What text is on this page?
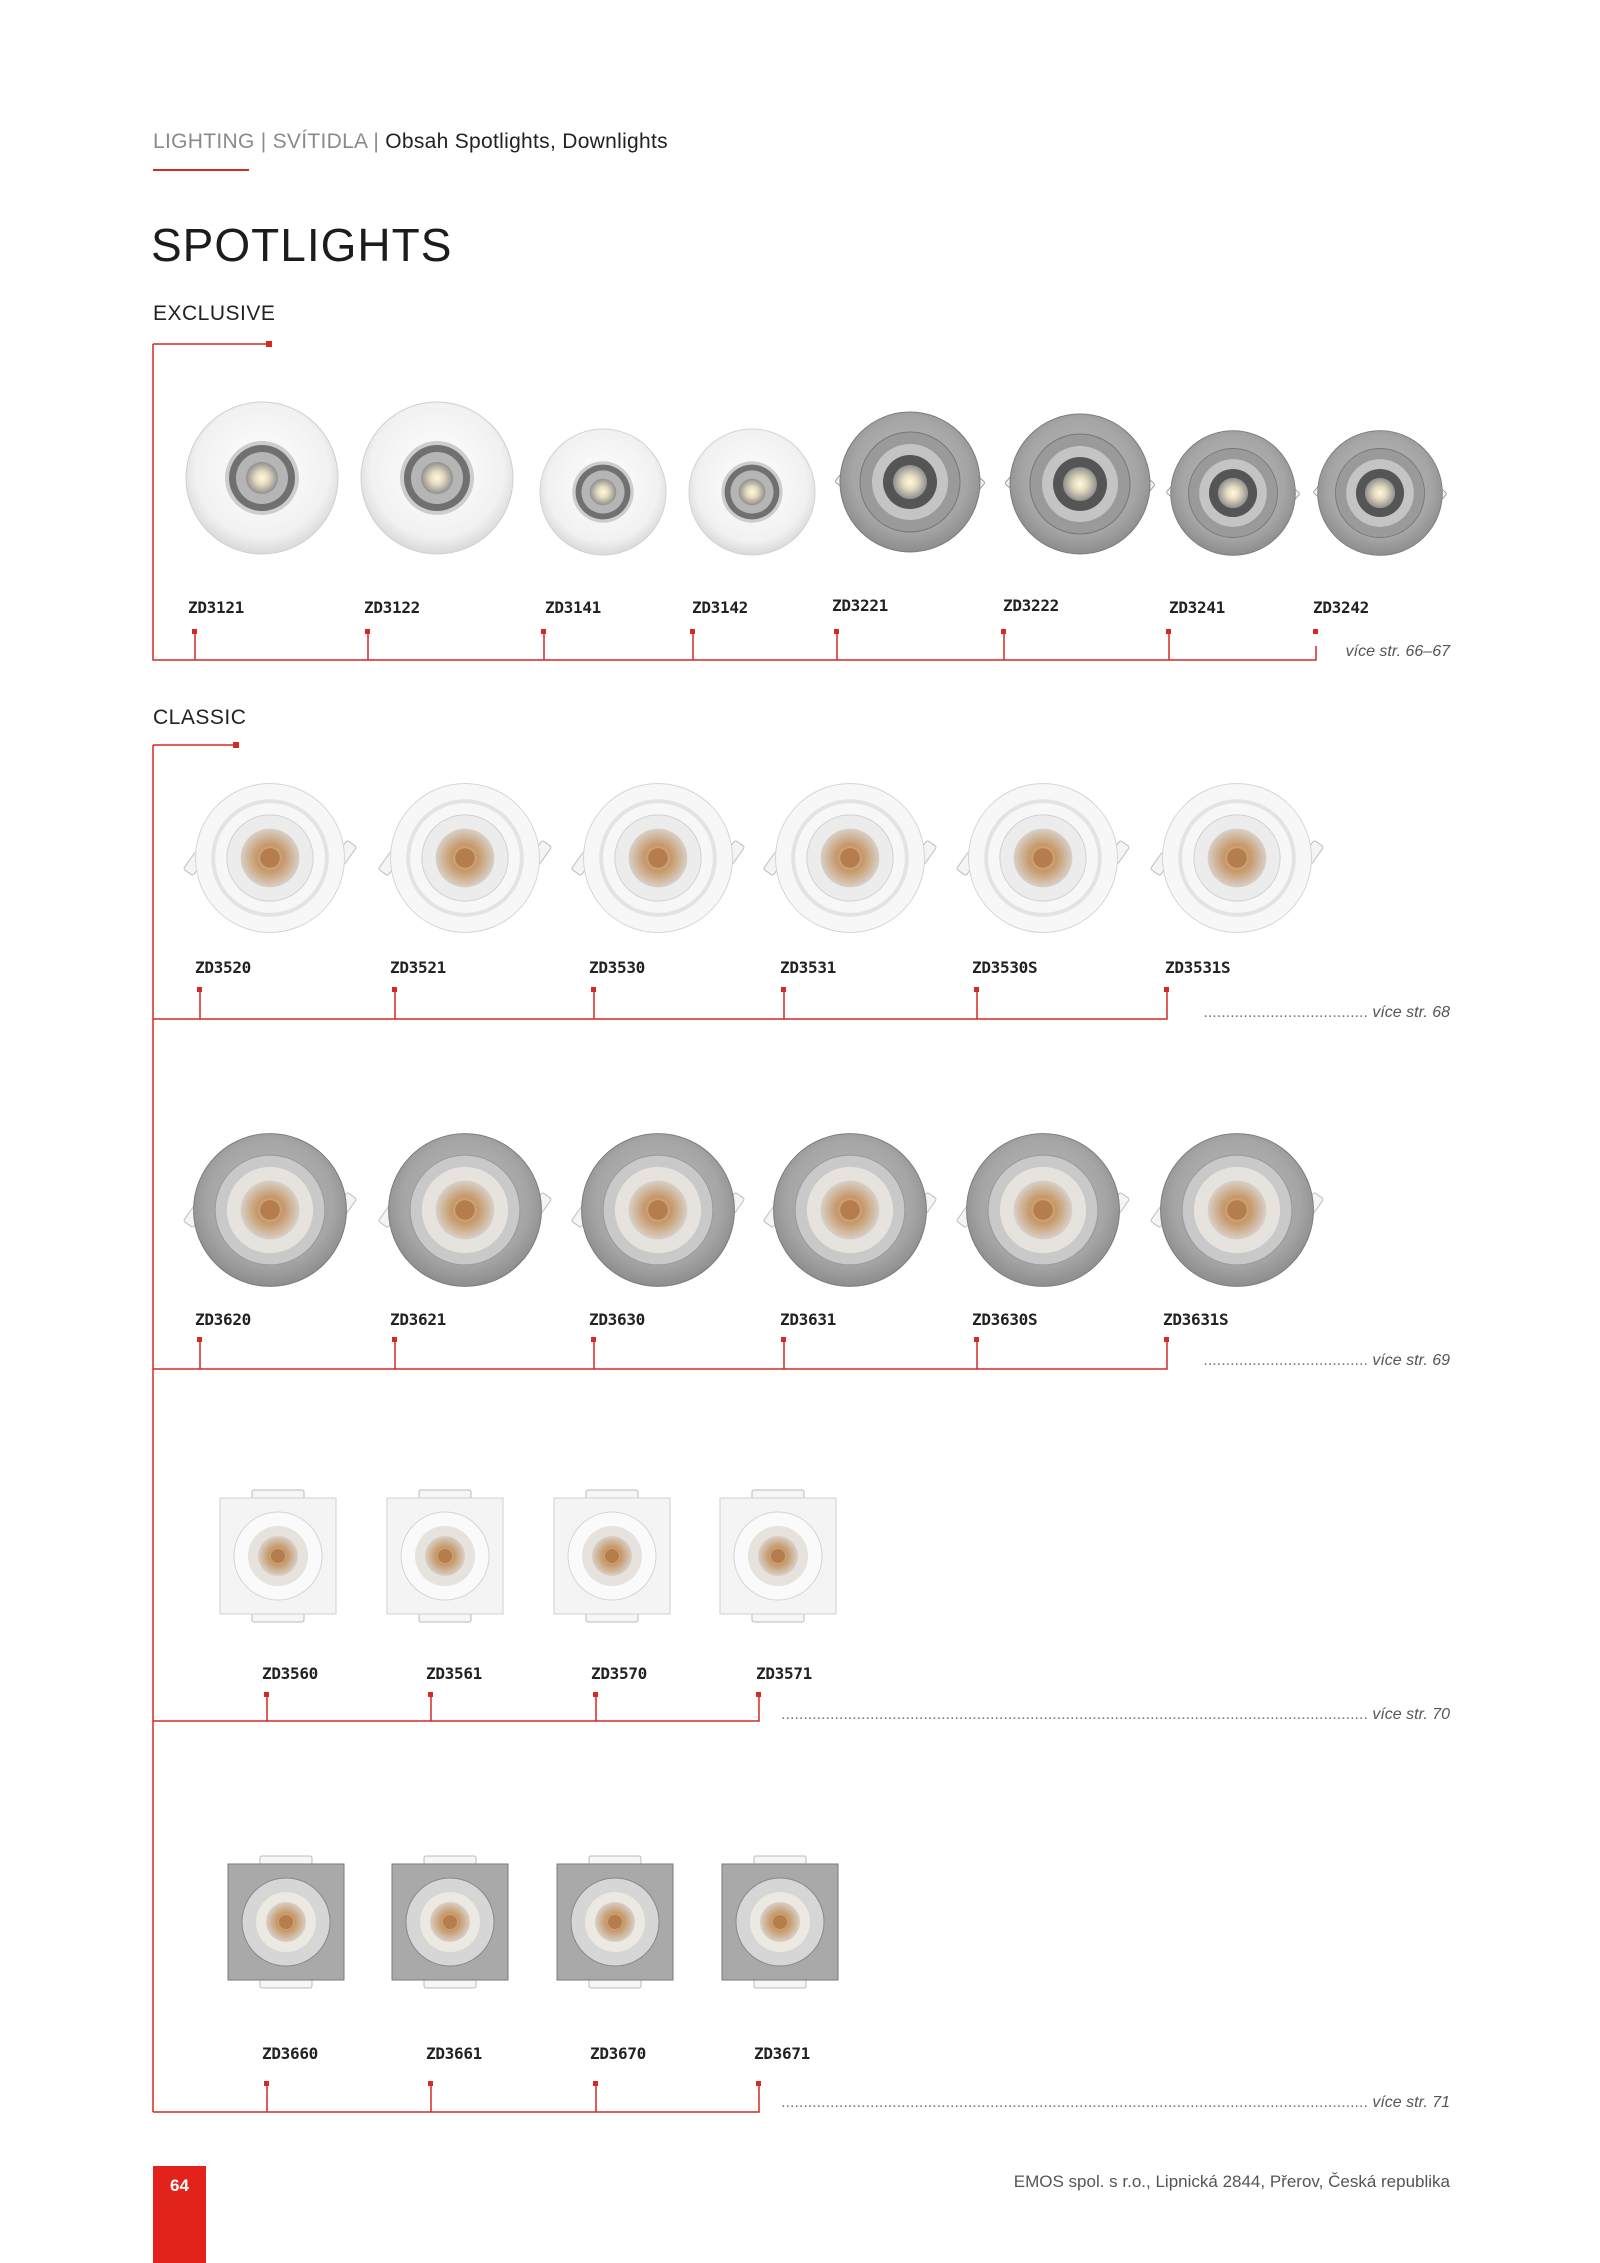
LIGHTING | SVÍTIDLA | Obsah Spotlights, Downlights
SPOTLIGHTS
EXCLUSIVE
CLASSIC
ZD3121	ZD3122	ZD3141	ZD3142	ZD3221	ZD3222	ZD3241	ZD3242
více str. 66–67
ZD3520	ZD3521	ZD3530	ZD3531	ZD3530S	ZD3531S
..................................... více str. 68
ZD3620	ZD3621	ZD3630	ZD3631	ZD3630S	ZD3631S
..................................... více str. 69
ZD3560	ZD3561	ZD3570	ZD3571
.................................................................................................................................... více str. 70
ZD3660	ZD3661	ZD3670	ZD3671
.................................................................................................................................... více str. 71
64	EMOS spol. s r.o., Lipnická 2844, Přerov, Česká republika
